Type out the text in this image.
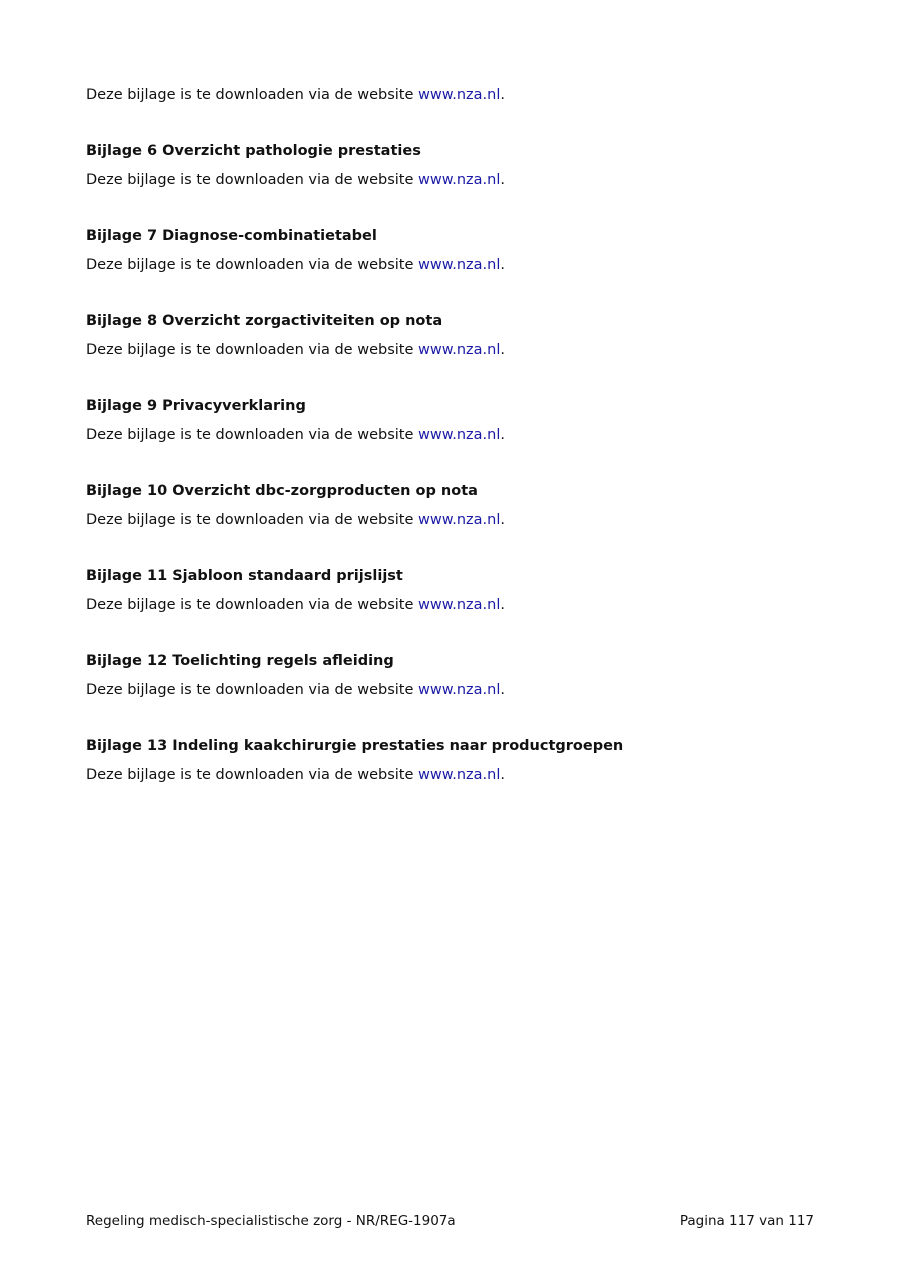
Deze bijlage is te downloaden via de website www.nza.nl.

Bijlage 6 Overzicht pathologie prestaties

Deze bijlage is te downloaden via de website www.nza.nl.

Bijlage 7 Diagnose-combinatietabel

Deze bijlage is te downloaden via de website www.nza.nl.

Bijlage 8 Overzicht zorgactiviteiten op nota

Deze bijlage is te downloaden via de website www.nza.nl.

Bijlage 9 Privacyverklaring

Deze bijlage is te downloaden via de website www.nza.nl.

Bijlage 10 Overzicht dbc-zorgproducten op nota

Deze bijlage is te downloaden via de website www.nza.nl.

Bijlage 11 Sjabloon standaard prijslijst

Deze bijlage is te downloaden via de website www.nza.nl.

Bijlage 12 Toelichting regels afleiding

Deze bijlage is te downloaden via de website www.nza.nl.

Bijlage 13 Indeling kaakchirurgie prestaties naar productgroepen

Deze bijlage is te downloaden via de website www.nza.nl.

Regeling medisch-specialistische zorg - NR/REG-1907a	Pagina 117 van 117
